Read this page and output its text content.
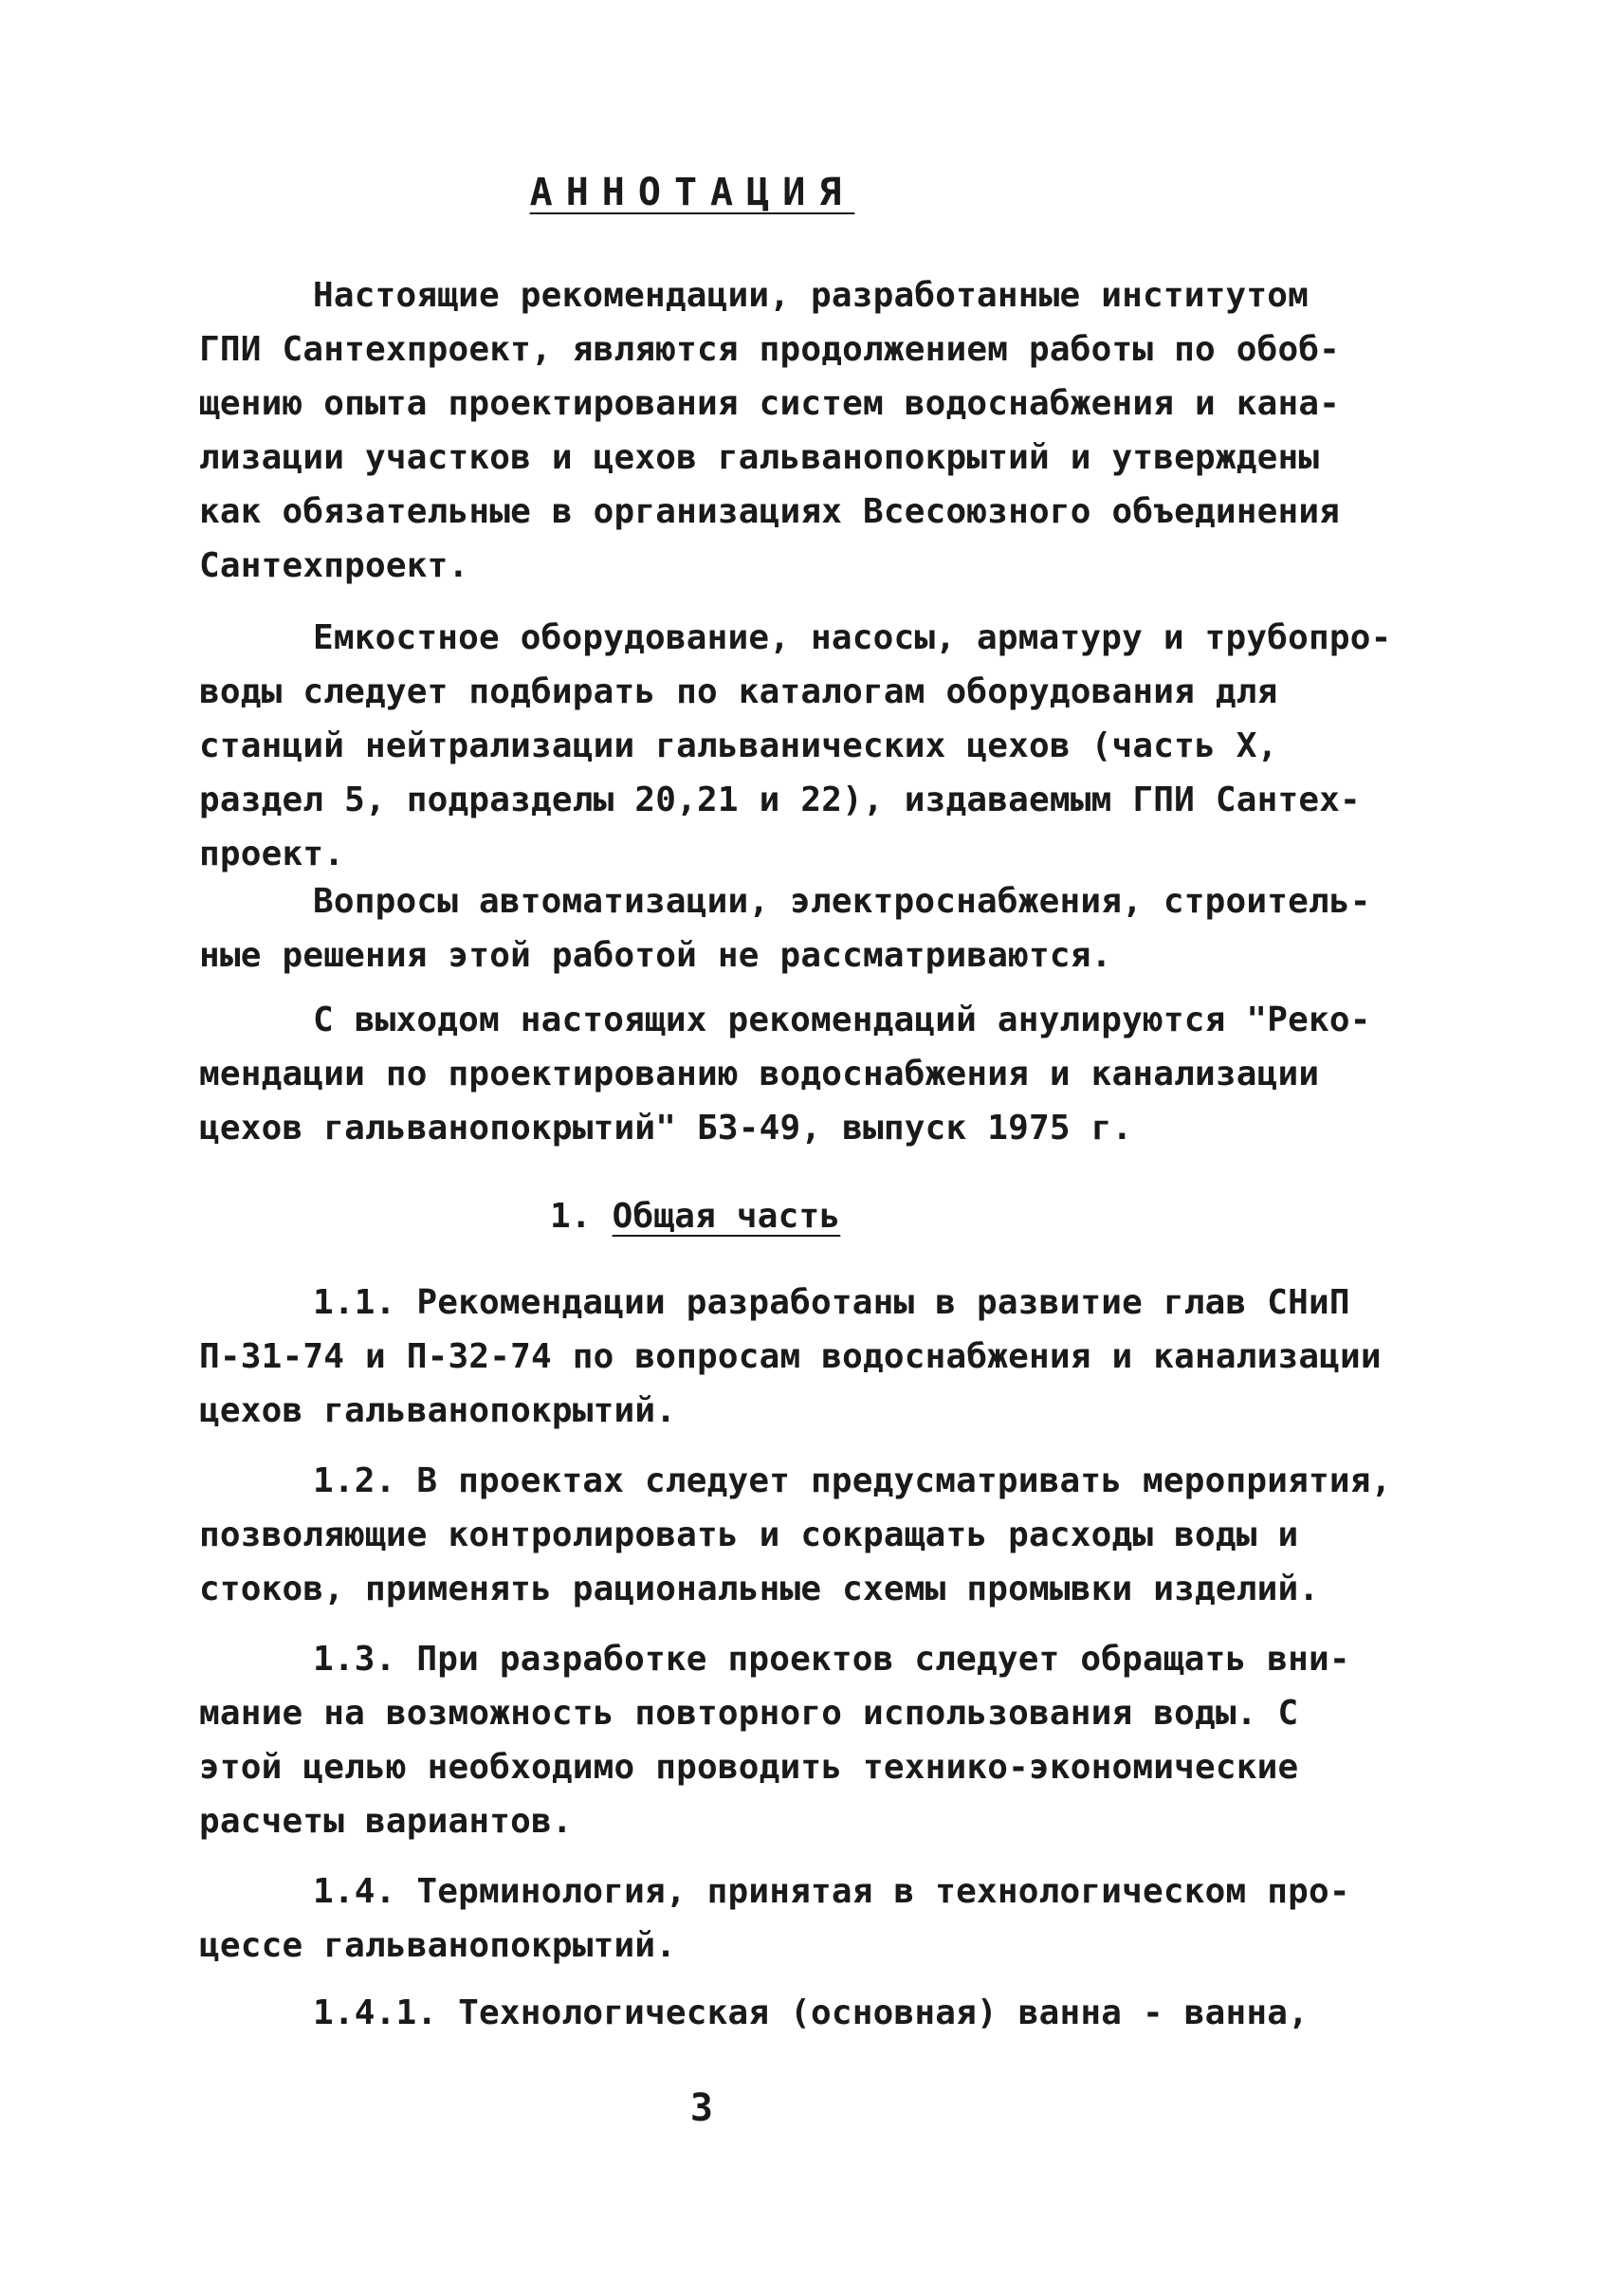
АННОТАЦИЯ
Настоящие рекомендации, разработанные институтом
ГПИ Сантехпроект, являются продолжением работы по обоб-
щению опыта проектирования систем водоснабжения и кана-
лизации участков и цехов гальванопокрытий и утверждены
как обязательные в организациях Всесоюзного объединения
Сантехпроект.
Емкостное оборудование, насосы, арматуру и трубопро-
воды следует подбирать по каталогам оборудования для
станций нейтрализации гальванических цехов (часть Х,
раздел 5, подразделы 20,21 и 22), издаваемым ГПИ Сантех-
проект.
Вопросы автоматизации, электроснабжения, строитель-
ные решения этой работой не рассматриваются.
С выходом настоящих рекомендаций анулируются "Реко-
мендации по проектированию водоснабжения и канализации
цехов гальванопокрытий" Б3-49, выпуск 1975 г.
1. Общая часть
1.1. Рекомендации разработаны в развитие глав СНиП
П-31-74 и П-32-74 по вопросам водоснабжения и канализации
цехов гальванопокрытий.
1.2. В проектах следует предусматривать мероприятия,
позволяющие контролировать и сокращать расходы воды и
стоков, применять рациональные схемы промывки изделий.
1.3. При разработке проектов следует обращать вни-
мание на возможность повторного использования воды. С
этой целью необходимо проводить технико-экономические
расчеты вариантов.
1.4. Терминология, принятая в технологическом про-
цессе гальванопокрытий.
1.4.1. Технологическая (основная) ванна - ванна,
3
